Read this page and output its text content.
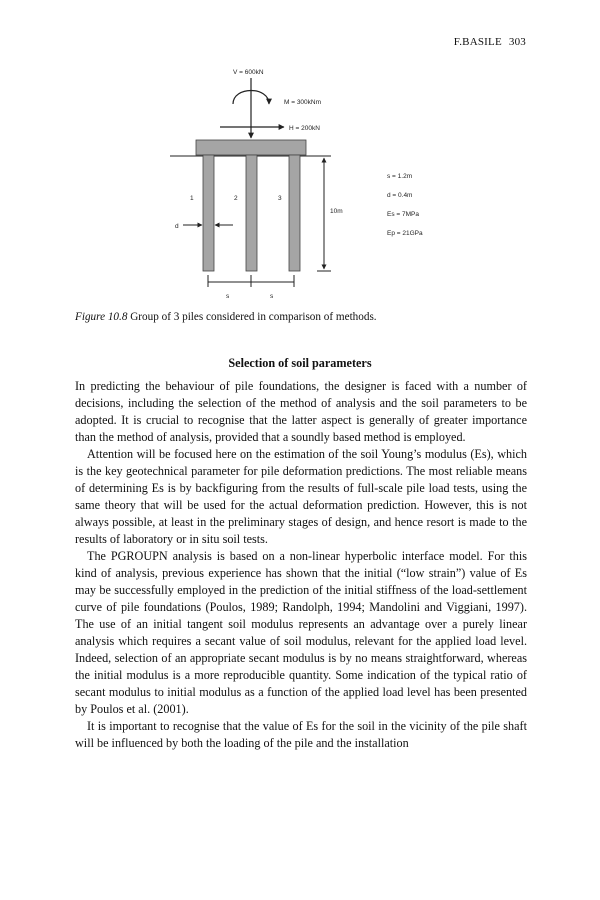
F.BASILE 303
V = 600kN
M = 300kNm
H = 200kN
1	2	3
10m
d
s	s
s = 1.2m
d = 0.4m
Es = 7MPa
Ep = 21GPa
Figure 10.8 Group of 3 piles considered in comparison of methods.
Selection of soil parameters

In predicting the behaviour of pile foundations, the designer is faced with a number of decisions, including the selection of the method of analysis and the soil parameters to be adopted. It is crucial to recognise that the latter aspect is generally of greater importance than the method of analysis, provided that a soundly based method is employed.

Attention will be focused here on the estimation of the soil Young’s modulus (Es), which is the key geotechnical parameter for pile deformation predictions. The most reliable means of determining Es is by backfiguring from the results of full-scale pile load tests, using the same theory that will be used for the actual deformation prediction. However, this is not always possible, at least in the preliminary stages of design, and hence resort is made to the results of laboratory or in situ soil tests.

The PGROUPN analysis is based on a non-linear hyperbolic interface model. For this kind of analysis, previous experience has shown that the initial (“low strain”) value of Es may be successfully employed in the prediction of the initial stiffness of the load-settlement curve of pile foundations (Poulos, 1989; Randolph, 1994; Mandolini and Viggiani, 1997). The use of an initial tangent soil modulus represents an advantage over a purely linear analysis which requires a secant value of soil modulus, relevant for the applied load level. Indeed, selection of an appropriate secant modulus is by no means straightforward, whereas the initial modulus is a more reproducible quantity. Some indication of the typical ratio of secant modulus to initial modulus as a function of the applied load level has been presented by Poulos et al. (2001).

It is important to recognise that the value of Es for the soil in the vicinity of the pile shaft will be influenced by both the loading of the pile and the installation
